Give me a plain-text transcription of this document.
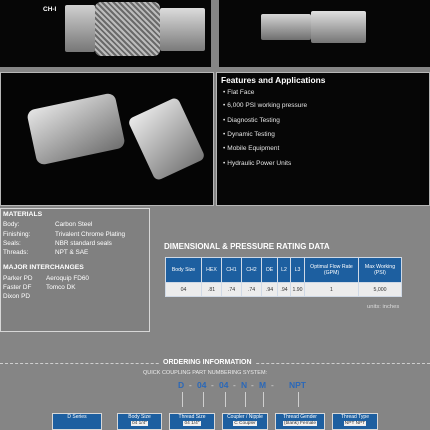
CH-I
Features and Applications
• Flat Face
• 6,000 PSI working pressure
• Diagnostic Testing
• Dynamic Testing
• Mobile Equipment
• Hydraulic Power Units
MATERIALS
Body:	Carbon Steel
Finishing:	Trivalent Chrome Plating
Seals:	NBR standard seals
Threads:	NPT & SAE
MAJOR INTERCHANGES
Parker PD Aeroquip FD60
Faster DF Tomco DK
Dixon PD
DIMENSIONAL & PRESSURE RATING DATA
Body Size	HEX	CH1	CH2	OE	L2	L3	Optimal Flow Rate (GPM)	Max Working (PSI)
04	.81	.74	.74	.94	.94	1.90	1	5,000
units: inches
ORDERING INFORMATION
QUICK COUPLING PART NUMBERING SYSTEM:
D - 04 - 04 - N - M - NPT
D Series	Body Size
04 1/4"
Thread Size
04 1/4"
Coupler / Nipple
C Coupler
Thread Gender
(blank) Female
Thread Type
NPT NPT
